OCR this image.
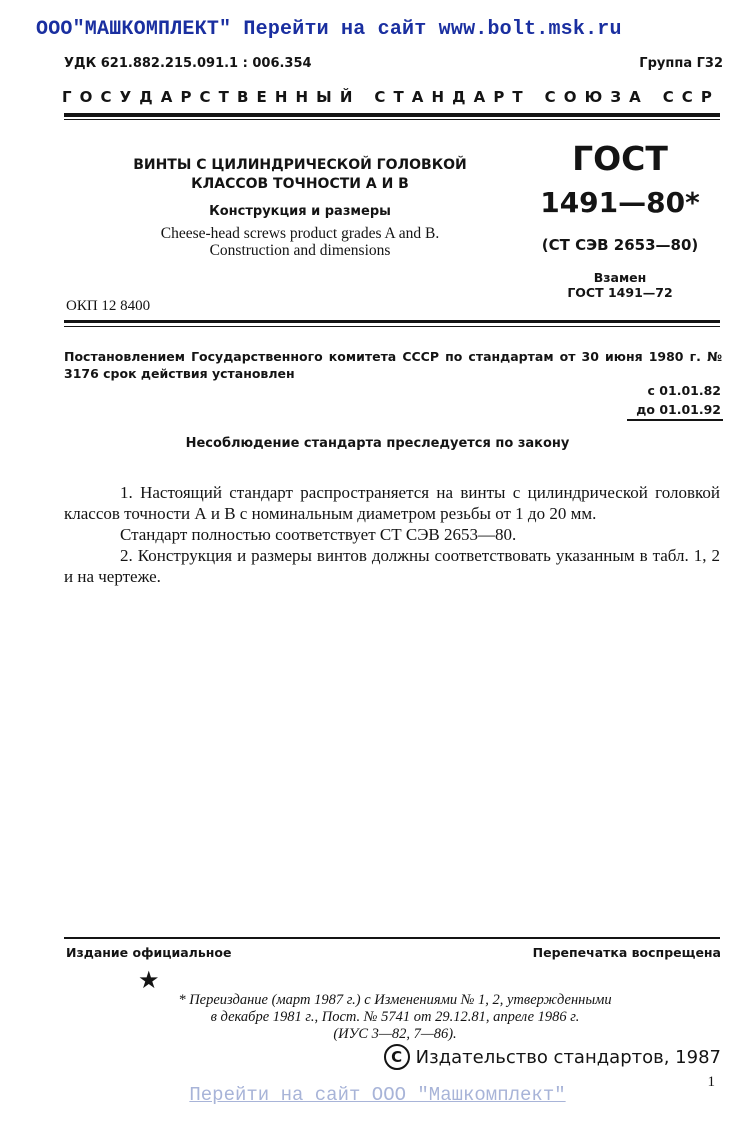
ООО"МАШКОМПЛЕКТ" Перейти на сайт www.bolt.msk.ru
УДК 621.882.215.091.1 : 006.354	Группа Г32
ГОСУДАРСТВЕННЫЙ СТАНДАРТ СОЮЗА ССР
ВИНТЫ С ЦИЛИНДРИЧЕСКОЙ ГОЛОВКОЙ
КЛАССОВ ТОЧНОСТИ А И В
Конструкция и размеры
Cheese-head screws product grades A and B.
Construction and dimensions
ГОСТ
1491—80*
(СТ СЭВ 2653—80)
Взамен
ГОСТ 1491—72
ОКП 12 8400
Постановлением Государственного комитета СССР по стандартам от 30 июня 1980 г. № 3176 срок действия установлен
с 01.01.82
до 01.01.92
Несоблюдение стандарта преследуется по закону

1. Настоящий стандарт распространяется на винты с цилиндрической головкой классов точности А и В с номинальным диаметром резьбы от 1 до 20 мм.

Стандарт полностью соответствует СТ СЭВ 2653—80.

2. Конструкция и размеры винтов должны соответствовать указанным в табл. 1, 2 и на чертеже.

Издание официальное	Перепечатка воспрещена
★
* Переиздание (март 1987 г.) с Изменениями № 1, 2, утвержденными
в декабре 1981 г., Пост. № 5741 от 29.12.81, апреле 1986 г.
(ИУС 3—82, 7—86).
С Издательство стандартов, 1987
1
Перейти на сайт ООО "Машкомплект"
